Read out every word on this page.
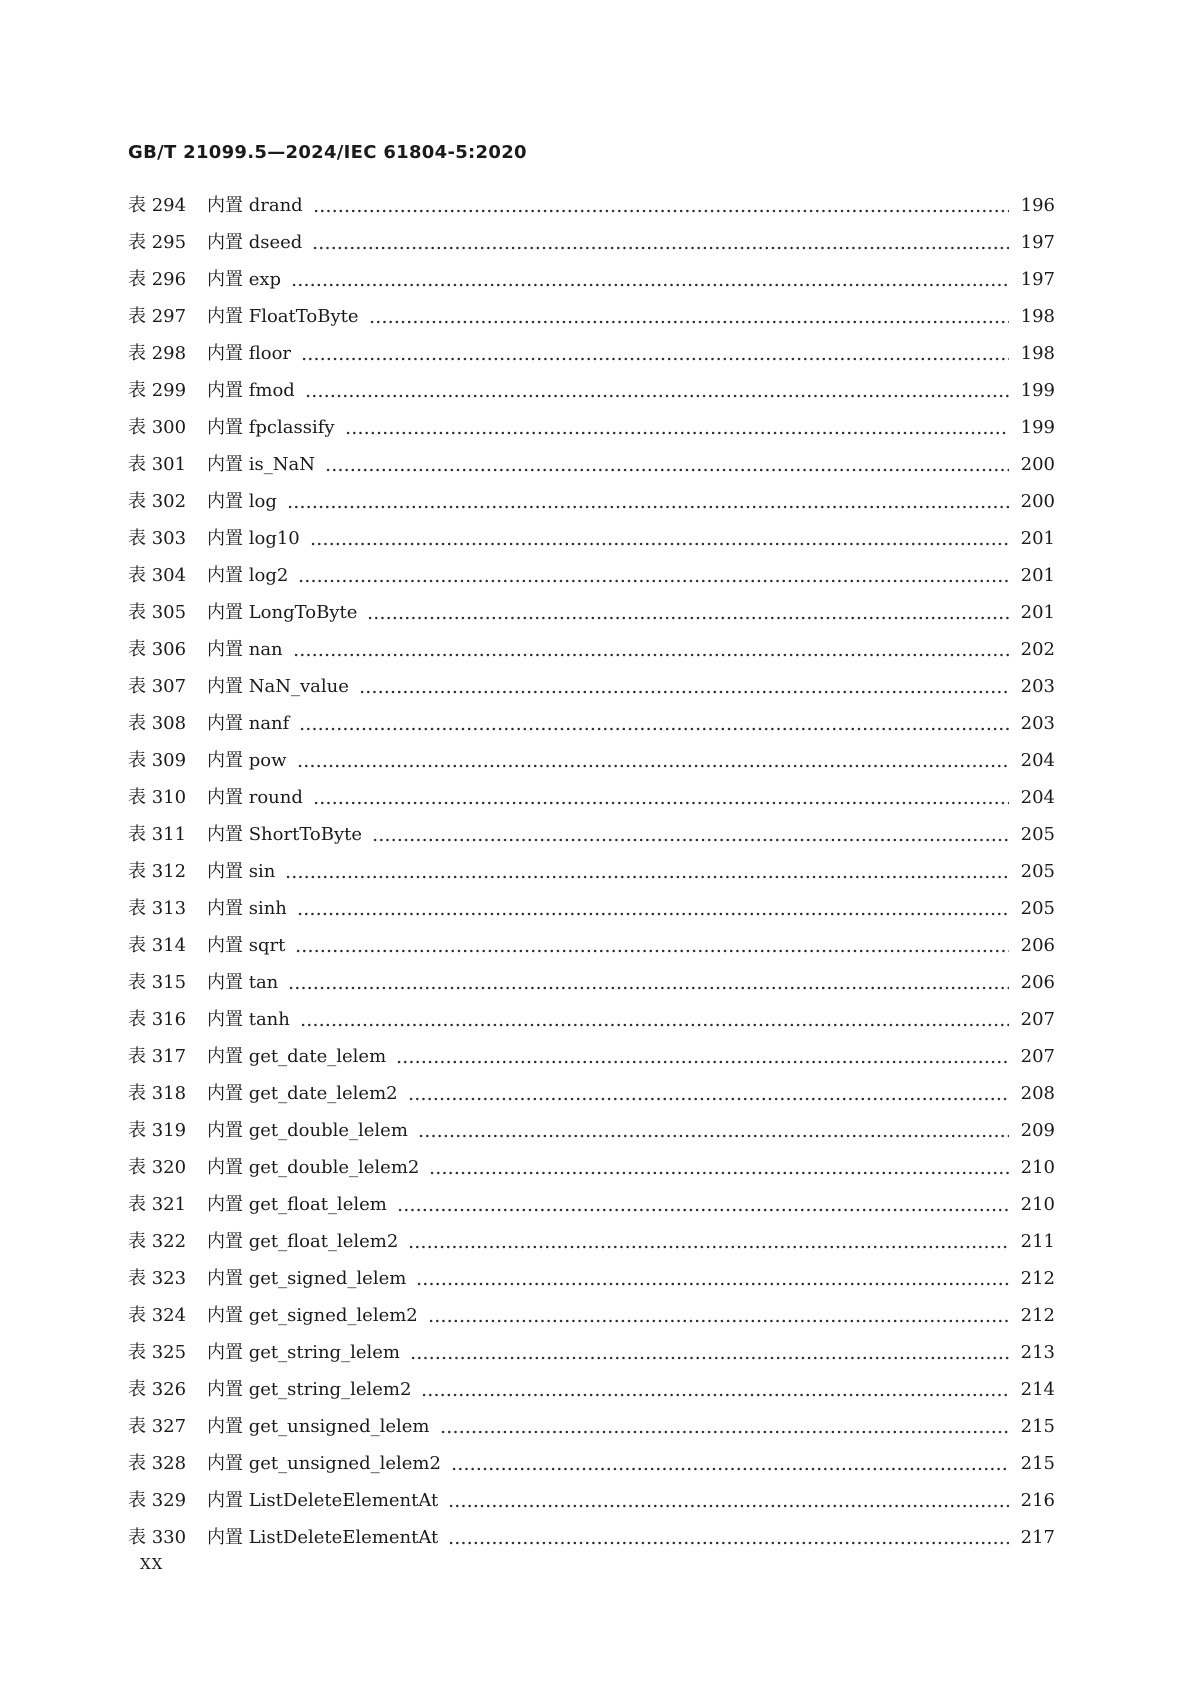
GB/T 21099.5—2024/IEC 61804-5:2020
表 294	内置 drand	196
表 295	内置 dseed	197
表 296	内置 exp	197
表 297	内置 FloatToByte	198
表 298	内置 floor	198
表 299	内置 fmod	199
表 300	内置 fpclassify	199
表 301	内置 is_NaN	200
表 302	内置 log	200
表 303	内置 log10	201
表 304	内置 log2	201
表 305	内置 LongToByte	201
表 306	内置 nan	202
表 307	内置 NaN_value	203
表 308	内置 nanf	203
表 309	内置 pow	204
表 310	内置 round	204
表 311	内置 ShortToByte	205
表 312	内置 sin	205
表 313	内置 sinh	205
表 314	内置 sqrt	206
表 315	内置 tan	206
表 316	内置 tanh	207
表 317	内置 get_date_lelem	207
表 318	内置 get_date_lelem2	208
表 319	内置 get_double_lelem	209
表 320	内置 get_double_lelem2	210
表 321	内置 get_float_lelem	210
表 322	内置 get_float_lelem2	211
表 323	内置 get_signed_lelem	212
表 324	内置 get_signed_lelem2	212
表 325	内置 get_string_lelem	213
表 326	内置 get_string_lelem2	214
表 327	内置 get_unsigned_lelem	215
表 328	内置 get_unsigned_lelem2	215
表 329	内置 ListDeleteElementAt	216
表 330	内置 ListDeleteElementAt	217
XX
